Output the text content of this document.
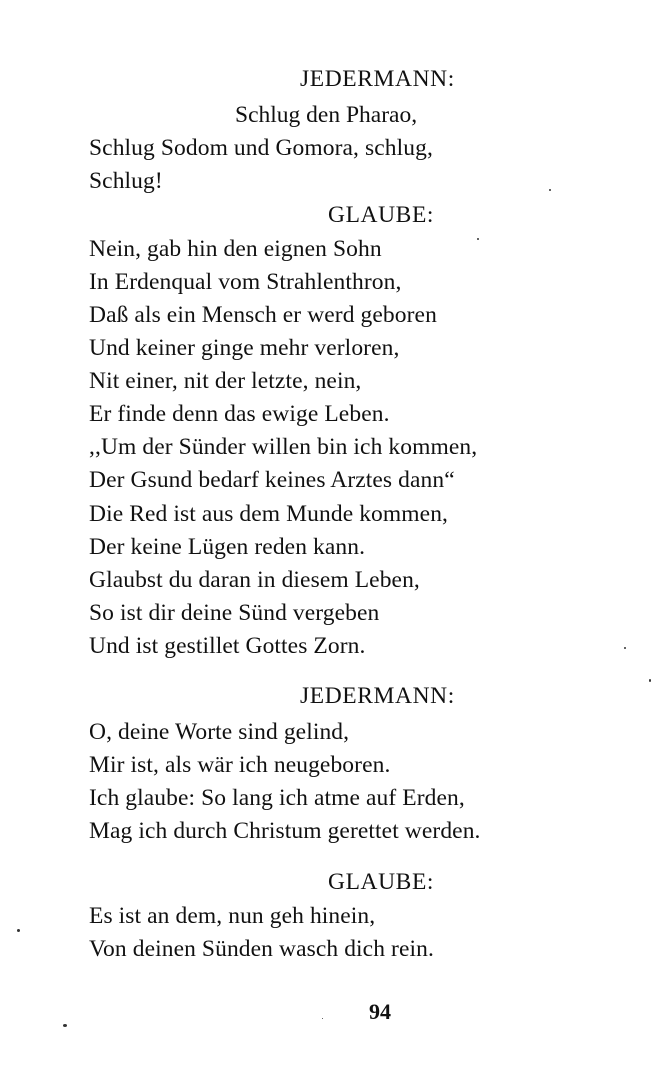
JEDERMANN:
Schlug den Pharao,
Schlug Sodom und Gomora, schlug,
Schlug!
GLAUBE:
Nein, gab hin den eignen Sohn
In Erdenqual vom Strahlenthron,
Daß als ein Mensch er werd geboren
Und keiner ginge mehr verloren,
Nit einer, nit der letzte, nein,
Er finde denn das ewige Leben.
,,Um der Sünder willen bin ich kommen,
Der Gsund bedarf keines Arztes dann“
Die Red ist aus dem Munde kommen,
Der keine Lügen reden kann.
Glaubst du daran in diesem Leben,
So ist dir deine Sünd vergeben
Und ist gestillet Gottes Zorn.
JEDERMANN:
O, deine Worte sind gelind,
Mir ist, als wär ich neugeboren.
Ich glaube: So lang ich atme auf Erden,
Mag ich durch Christum gerettet werden.
GLAUBE:
Es ist an dem, nun geh hinein,
Von deinen Sünden wasch dich rein.
94
